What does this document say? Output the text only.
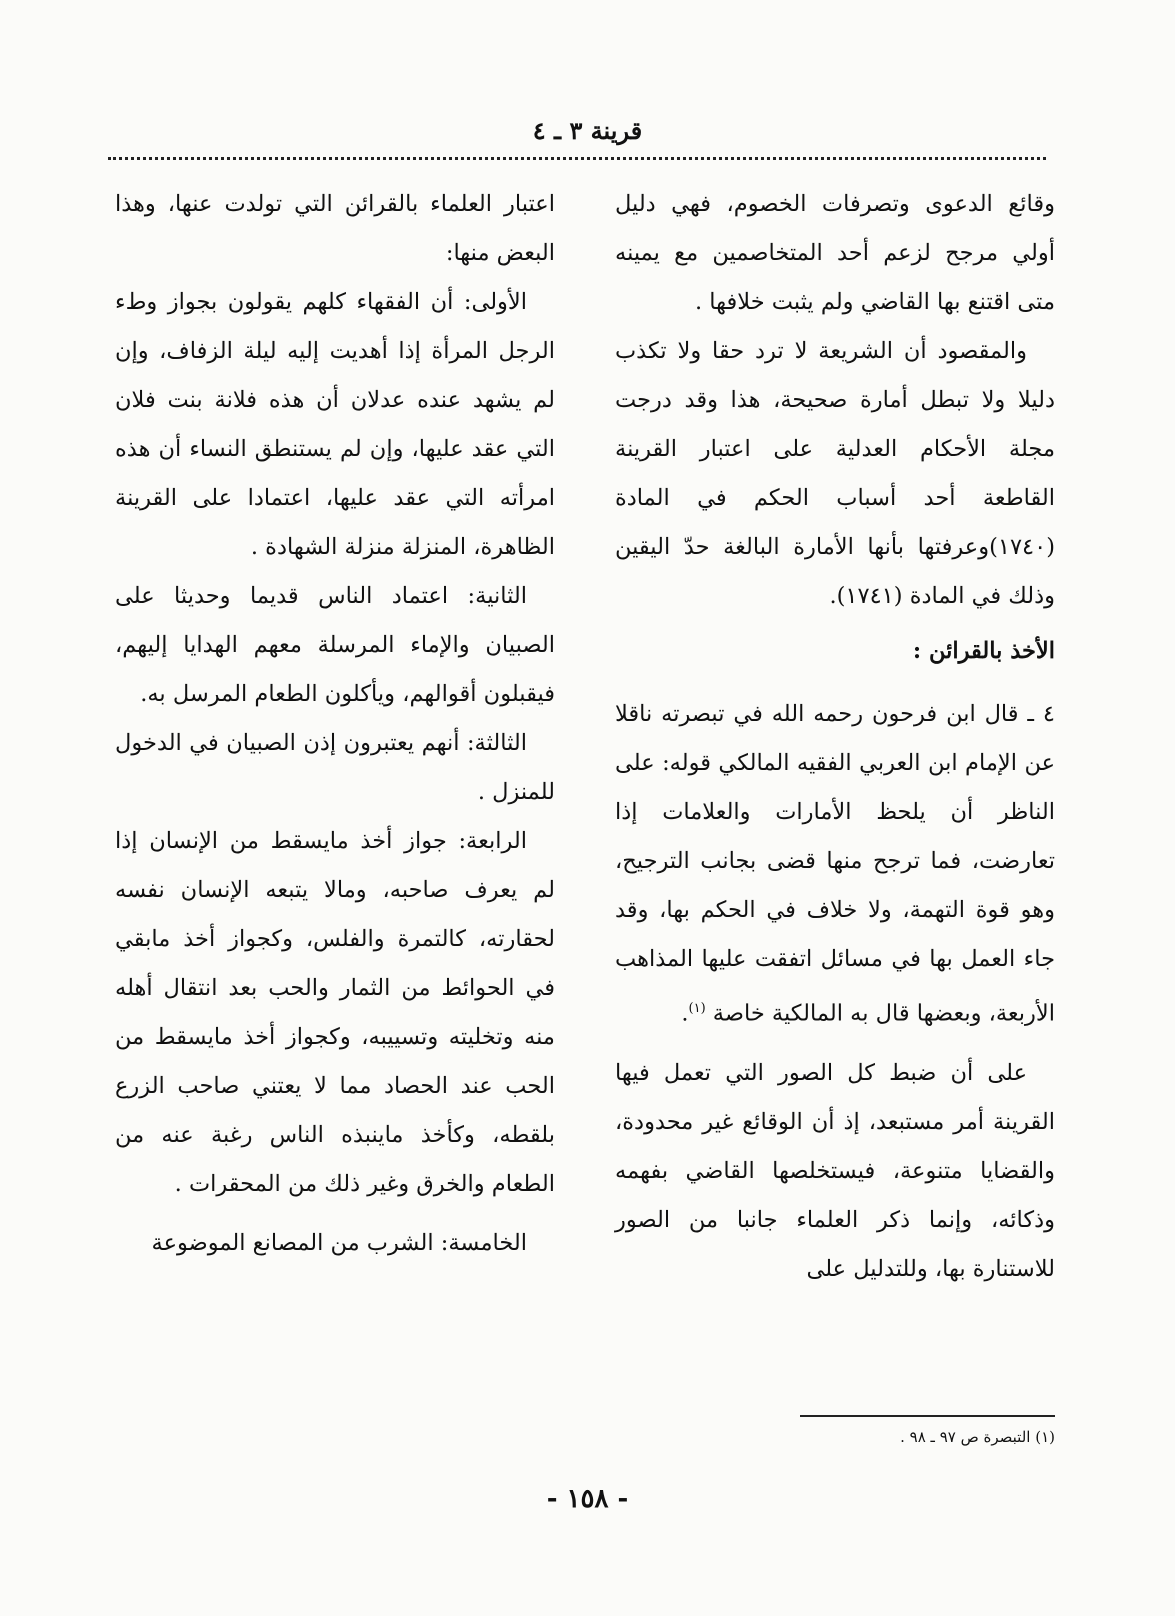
قرينة ٣ ـ ٤

وقائع الدعوى وتصرفات الخصوم، فهي دليل أولي مرجح لزعم أحد المتخاصمين مع يمينه متى اقتنع بها القاضي ولم يثبت خلافها .

والمقصود أن الشريعة لا ترد حقا ولا تكذب دليلا ولا تبطل أمارة صحيحة، هذا وقد درجت مجلة الأحكام العدلية على اعتبار القرينة القاطعة أحد أسباب الحكم في المادة (١٧٤٠)وعرفتها بأنها الأمارة البالغة حدّ اليقين وذلك في المادة (١٧٤١).

الأخذ بالقرائن :

٤ ـ قال ابن فرحون رحمه الله في تبصرته ناقلا عن الإمام ابن العربي الفقيه المالكي قوله: على الناظر أن يلحظ الأمارات والعلامات إذا تعارضت، فما ترجح منها قضى بجانب الترجيح، وهو قوة التهمة، ولا خلاف في الحكم بها، وقد جاء العمل بها في مسائل اتفقت عليها المذاهب الأربعة، وبعضها قال به المالكية خاصة $^{(١)}$.

على أن ضبط كل الصور التي تعمل فيها القرينة أمر مستبعد، إذ أن الوقائع غير محدودة، والقضايا متنوعة، فيستخلصها القاضي بفهمه وذكائه، وإنما ذكر العلماء جانبا من الصور للاستنارة بها، وللتدليل على

اعتبار العلماء بالقرائن التي تولدت عنها، وهذا البعض منها:

الأولى: أن الفقهاء كلهم يقولون بجواز وطء الرجل المرأة إذا أهديت إليه ليلة الزفاف، وإن لم يشهد عنده عدلان أن هذه فلانة بنت فلان التي عقد عليها، وإن لم يستنطق النساء أن هذه امرأته التي عقد عليها، اعتمادا على القرينة الظاهرة، المنزلة منزلة الشهادة .

الثانية: اعتماد الناس قديما وحديثا على الصبيان والإماء المرسلة معهم الهدايا إليهم، فيقبلون أقوالهم، ويأكلون الطعام المرسل به.

الثالثة: أنهم يعتبرون إذن الصبيان في الدخول للمنزل .

الرابعة: جواز أخذ مايسقط من الإنسان إذا لم يعرف صاحبه، ومالا يتبعه الإنسان نفسه لحقارته، كالتمرة والفلس، وكجواز أخذ مابقي في الحوائط من الثمار والحب بعد انتقال أهله منه وتخليته وتسييبه، وكجواز أخذ مايسقط من الحب عند الحصاد مما لا يعتني صاحب الزرع بلقطه، وكأخذ ماينبذه الناس رغبة عنه من الطعام والخرق وغير ذلك من المحقرات .

الخامسة: الشرب من المصانع الموضوعة

(١) التبصرة ص ٩٧ ـ ٩٨ .
- ١٥٨ -
